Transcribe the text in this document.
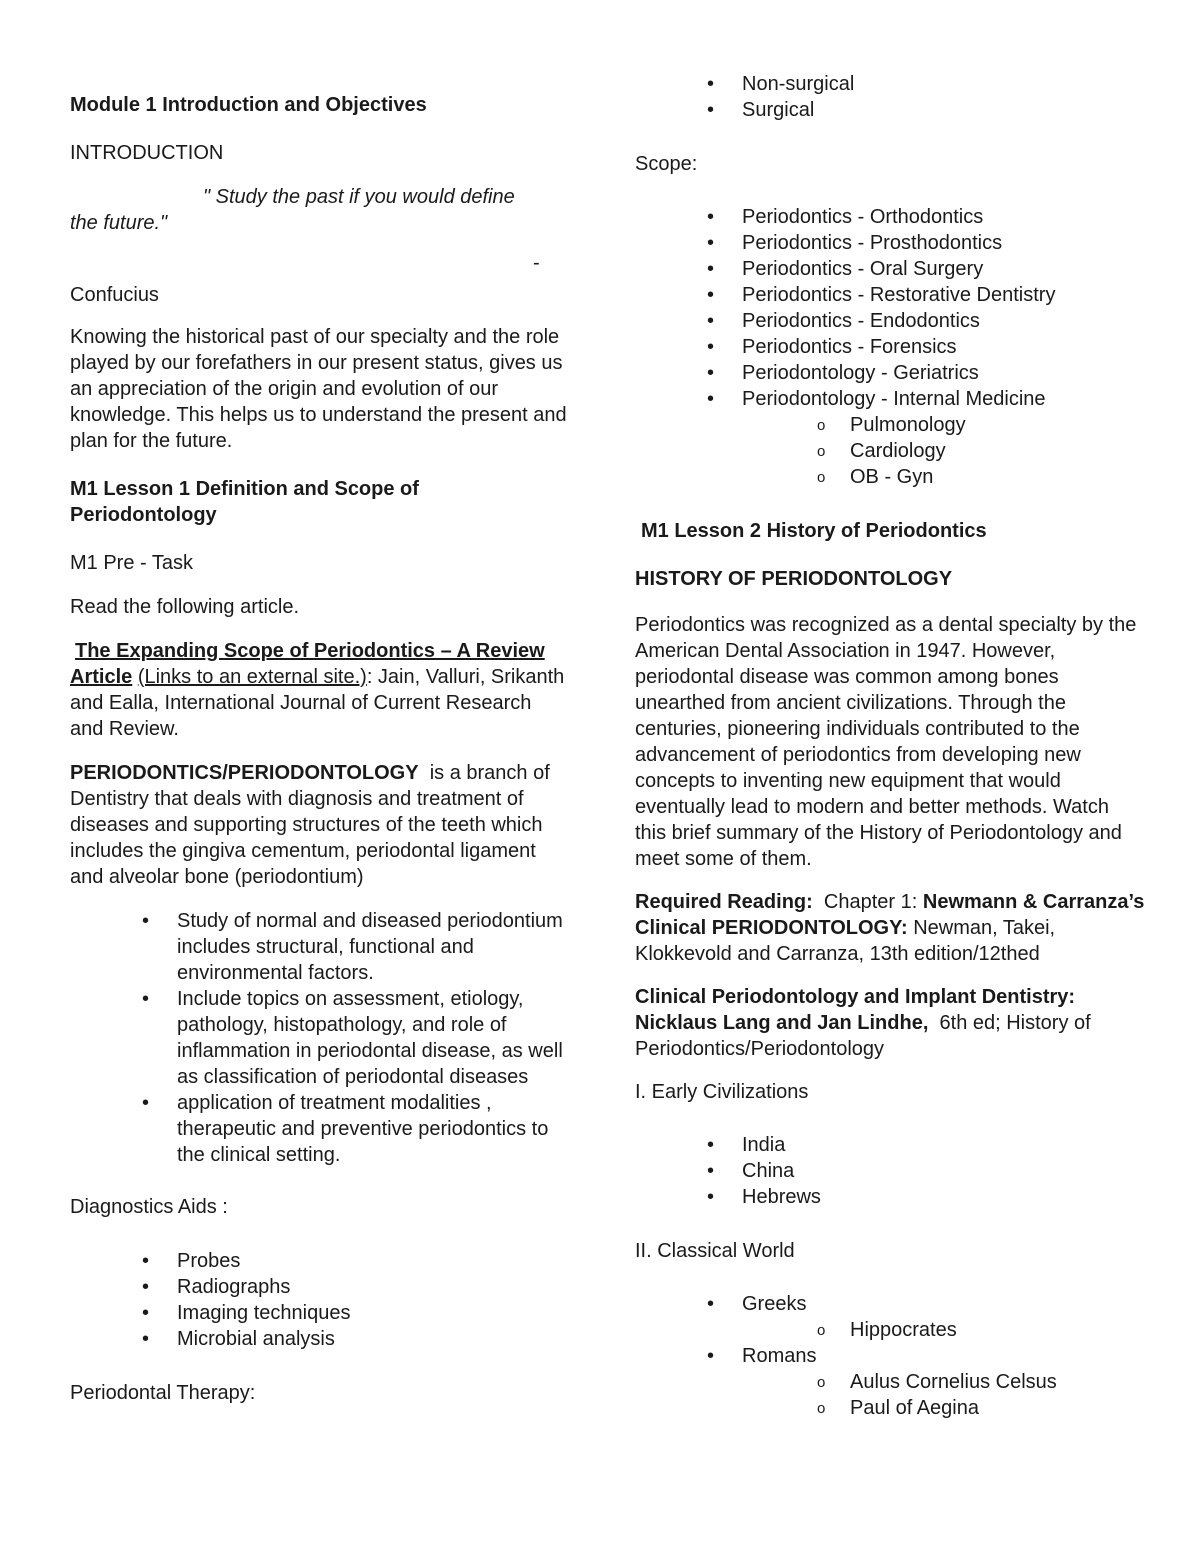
Module 1 Introduction and Objectives

INTRODUCTION

" Study the past if you would define

the future."

-

Confucius

Knowing the historical past of our specialty and the role played by our forefathers in our present status, gives us an appreciation of the origin and evolution of our knowledge. This helps us to understand the present and plan for the future.

M1 Lesson 1 Definition and Scope of Periodontology

M1 Pre - Task

Read the following article.

The Expanding Scope of Periodontics – A Review Article (Links to an external site.): Jain, Valluri, Srikanth and Ealla, International Journal of Current Research and Review.

PERIODONTICS/PERIODONTOLOGY is a branch of Dentistry that deals with diagnosis and treatment of diseases and supporting structures of the teeth which includes the gingiva cementum, periodontal ligament and alveolar bone (periodontium)

• Study of normal and diseased periodontium includes structural, functional and environmental factors.
• Include topics on assessment, etiology, pathology, histopathology, and role of inflammation in periodontal disease, as well as classification of periodontal diseases
• application of treatment modalities , therapeutic and preventive periodontics to the clinical setting.

Diagnostics Aids :

• Probes
• Radiographs
• Imaging techniques
• Microbial analysis

Periodontal Therapy:

• Non-surgical
• Surgical

Scope:

• Periodontics - Orthodontics
• Periodontics - Prosthodontics
• Periodontics - Oral Surgery
• Periodontics - Restorative Dentistry
• Periodontics - Endodontics
• Periodontics - Forensics
• Periodontology - Geriatrics
• Periodontology - Internal Medicine
o Pulmonology
o Cardiology
o OB - Gyn

M1 Lesson 2 History of Periodontics

HISTORY OF PERIODONTOLOGY

Periodontics was recognized as a dental specialty by the American Dental Association in 1947. However, periodontal disease was common among bones unearthed from ancient civilizations. Through the centuries, pioneering individuals contributed to the advancement of periodontics from developing new concepts to inventing new equipment that would eventually lead to modern and better methods. Watch this brief summary of the History of Periodontology and meet some of them.

Required Reading: Chapter 1: Newmann & Carranza’s Clinical PERIODONTOLOGY: Newman, Takei, Klokkevold and Carranza, 13th edition/12thed

Clinical Periodontology and Implant Dentistry: Nicklaus Lang and Jan Lindhe, 6th ed; History of Periodontics/Periodontology

I. Early Civilizations

• India
• China
• Hebrews

II. Classical World

• Greeks
o Hippocrates
• Romans
o Aulus Cornelius Celsus
o Paul of Aegina
